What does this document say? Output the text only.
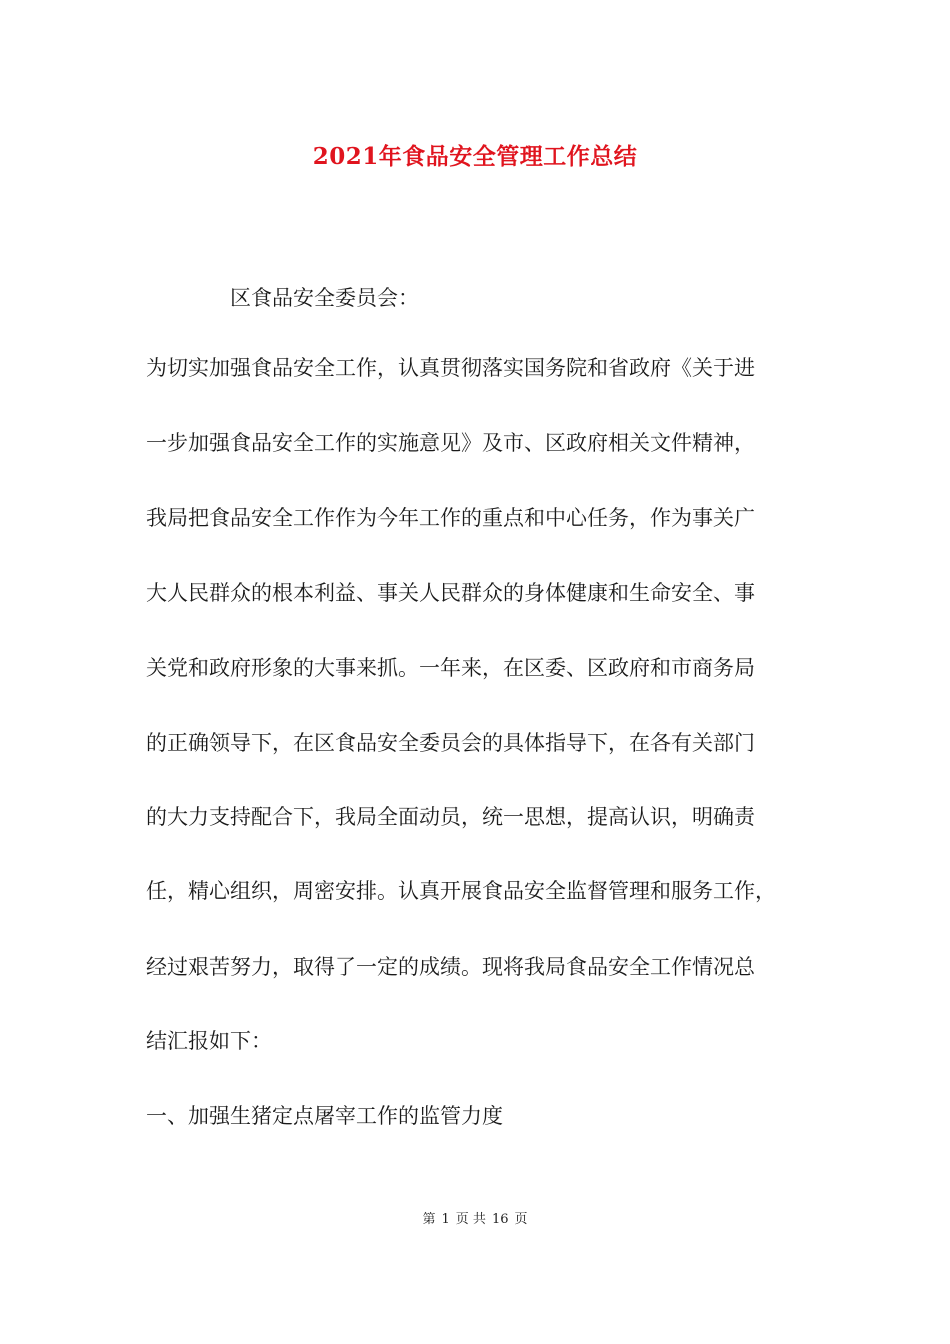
2021年食品安全管理工作总结
区食品安全委员会：
为切实加强食品安全工作，认真贯彻落实国务院和省政府《关于进
一步加强食品安全工作的实施意见》及市、区政府相关文件精神，
我局把食品安全工作作为今年工作的重点和中心任务，作为事关广
大人民群众的根本利益、事关人民群众的身体健康和生命安全、事
关党和政府形象的大事来抓。一年来，在区委、区政府和市商务局
的正确领导下，在区食品安全委员会的具体指导下，在各有关部门
的大力支持配合下，我局全面动员，统一思想，提高认识，明确责
任，精心组织，周密安排。认真开展食品安全监督管理和服务工作，
经过艰苦努力，取得了一定的成绩。现将我局食品安全工作情况总
结汇报如下：
一、加强生猪定点屠宰工作的监管力度
第 1 页 共 16 页
